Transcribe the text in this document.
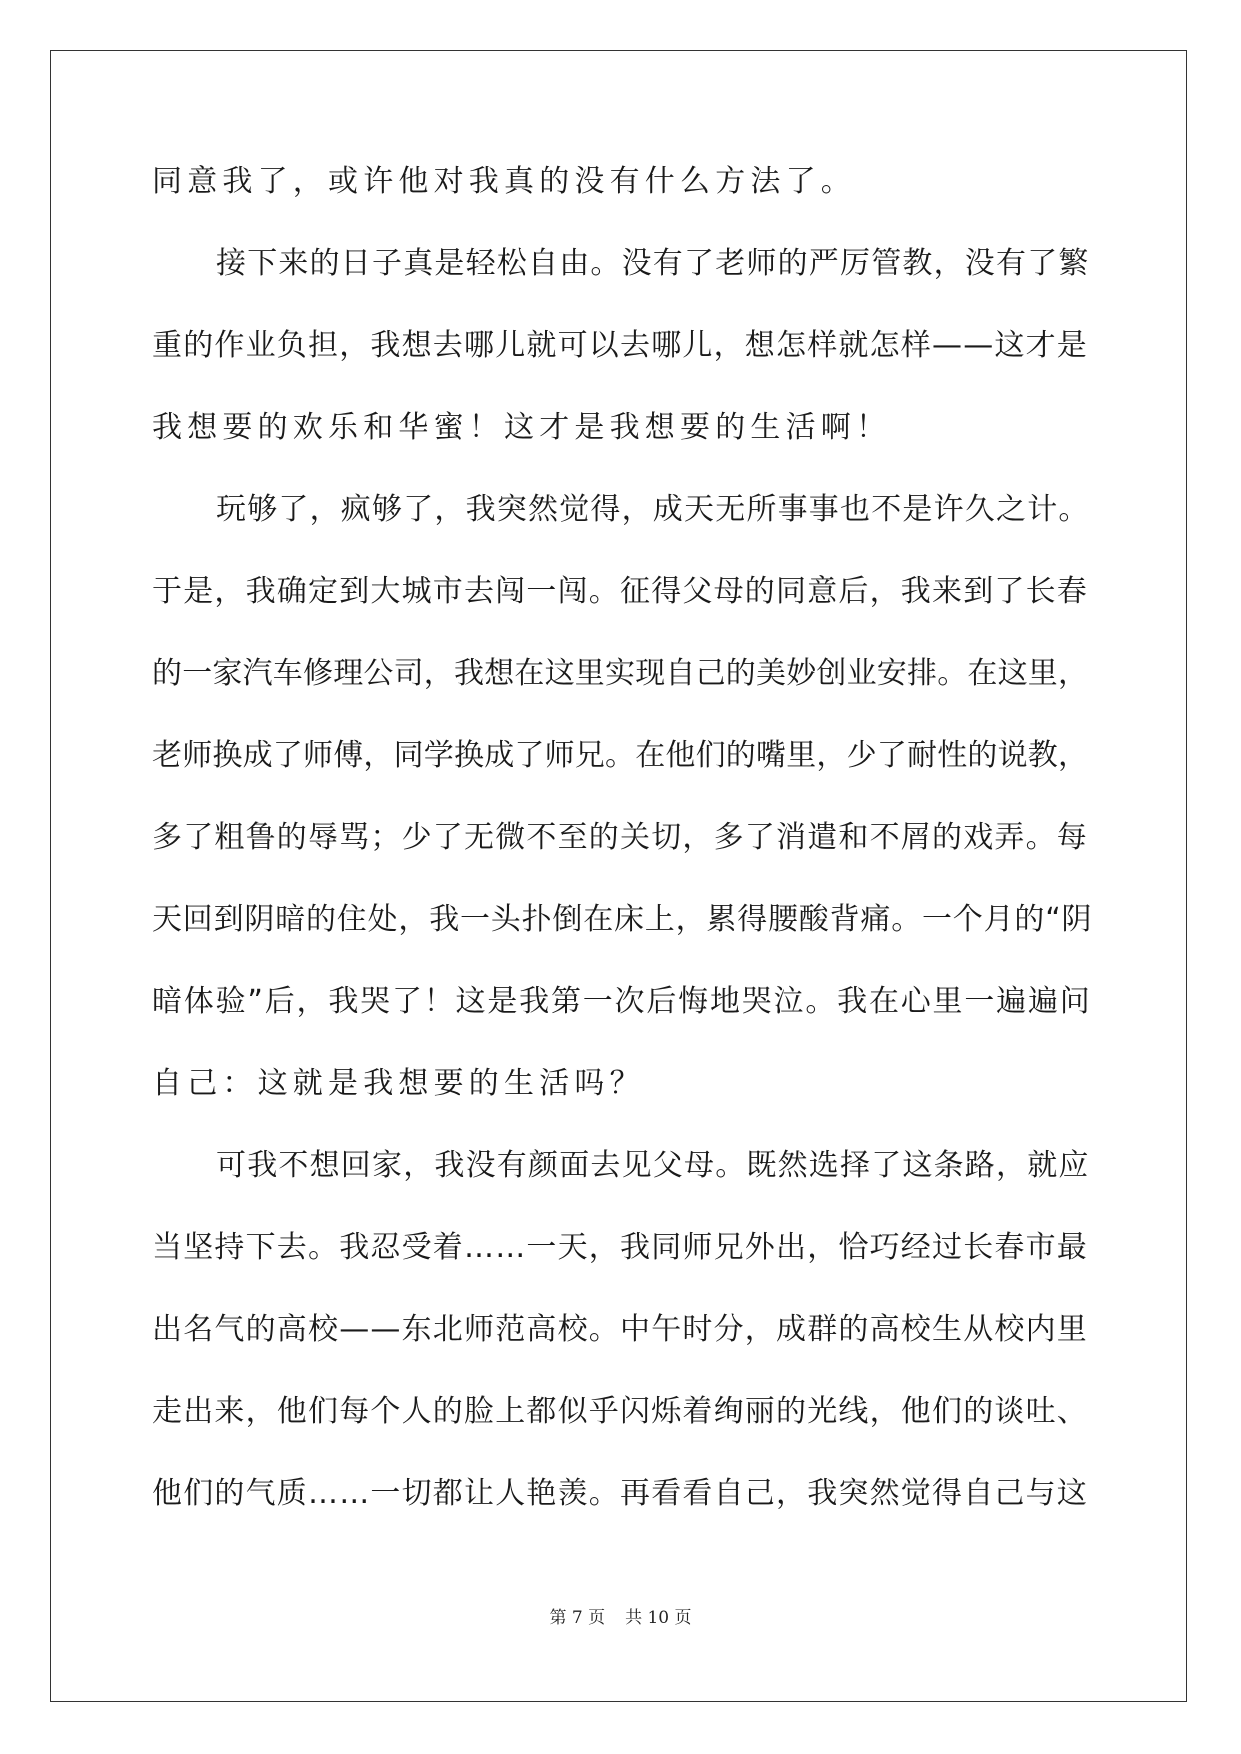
同意我了，或许他对我真的没有什么方法了。
接下来的日子真是轻松自由。没有了老师的严厉管教，没有了繁
重的作业负担，我想去哪儿就可以去哪儿，想怎样就怎样——这才是
我想要的欢乐和华蜜！这才是我想要的生活啊！
玩够了，疯够了，我突然觉得，成天无所事事也不是许久之计。
于是，我确定到大城市去闯一闯。征得父母的同意后，我来到了长春
的一家汽车修理公司，我想在这里实现自己的美妙创业安排。在这里，
老师换成了师傅，同学换成了师兄。在他们的嘴里，少了耐性的说教，
多了粗鲁的辱骂；少了无微不至的关切，多了消遣和不屑的戏弄。每
天回到阴暗的住处，我一头扑倒在床上，累得腰酸背痛。一个月的“阴
暗体验”后，我哭了！这是我第一次后悔地哭泣。我在心里一遍遍问
自己：这就是我想要的生活吗？
可我不想回家，我没有颜面去见父母。既然选择了这条路，就应
当坚持下去。我忍受着……一天，我同师兄外出，恰巧经过长春市最
出名气的高校——东北师范高校。中午时分，成群的高校生从校内里
走出来，他们每个人的脸上都似乎闪烁着绚丽的光线，他们的谈吐、
他们的气质……一切都让人艳羡。再看看自己，我突然觉得自己与这
第 7 页 共 10 页
